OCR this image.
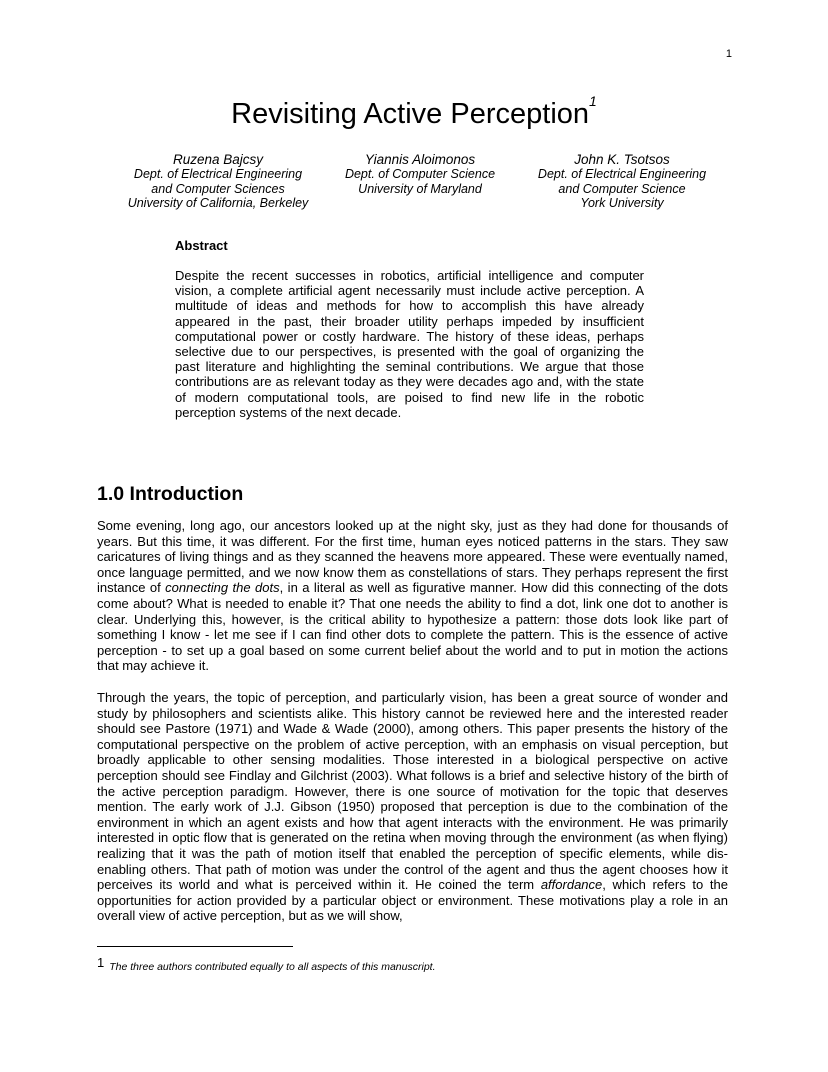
1
Revisiting Active Perception$^1$
Ruzena Bajcsy
Dept. of Electrical Engineering
and Computer Sciences
University of California, Berkeley
Yiannis Aloimonos
Dept. of Computer Science
University of Maryland
John K. Tsotsos
Dept. of Electrical Engineering
and Computer Science
York University
Abstract

Despite the recent successes in robotics, artificial intelligence and computer vision, a complete artificial agent necessarily must include active perception. A multitude of ideas and methods for how to accomplish this have already appeared in the past, their broader utility perhaps impeded by insufficient computational power or costly hardware. The history of these ideas, perhaps selective due to our perspectives, is presented with the goal of organizing the past literature and highlighting the seminal contributions. We argue that those contributions are as relevant today as they were decades ago and, with the state of modern computational tools, are poised to find new life in the robotic perception systems of the next decade.

1.0 Introduction

Some evening, long ago, our ancestors looked up at the night sky, just as they had done for thousands of years. But this time, it was different. For the first time, human eyes noticed patterns in the stars. They saw caricatures of living things and as they scanned the heavens more appeared. These were eventually named, once language permitted, and we now know them as constellations of stars. They perhaps represent the first instance of connecting the dots, in a literal as well as figurative manner. How did this connecting of the dots come about? What is needed to enable it? That one needs the ability to find a dot, link one dot to another is clear. Underlying this, however, is the critical ability to hypothesize a pattern: those dots look like part of something I know - let me see if I can find other dots to complete the pattern. This is the essence of active perception - to set up a goal based on some current belief about the world and to put in motion the actions that may achieve it.

Through the years, the topic of perception, and particularly vision, has been a great source of wonder and study by philosophers and scientists alike. This history cannot be reviewed here and the interested reader should see Pastore (1971) and Wade & Wade (2000), among others. This paper presents the history of the computational perspective on the problem of active perception, with an emphasis on visual perception, but broadly applicable to other sensing modalities. Those interested in a biological perspective on active perception should see Findlay and Gilchrist (2003). What follows is a brief and selective history of the birth of the active perception paradigm. However, there is one source of motivation for the topic that deserves mention. The early work of J.J. Gibson (1950) proposed that perception is due to the combination of the environment in which an agent exists and how that agent interacts with the environment. He was primarily interested in optic flow that is generated on the retina when moving through the environment (as when flying) realizing that it was the path of motion itself that enabled the perception of specific elements, while dis-enabling others. That path of motion was under the control of the agent and thus the agent chooses how it perceives its world and what is perceived within it. He coined the term affordance, which refers to the opportunities for action provided by a particular object or environment. These motivations play a role in an overall view of active perception, but as we will show,

1 The three authors contributed equally to all aspects of this manuscript.
